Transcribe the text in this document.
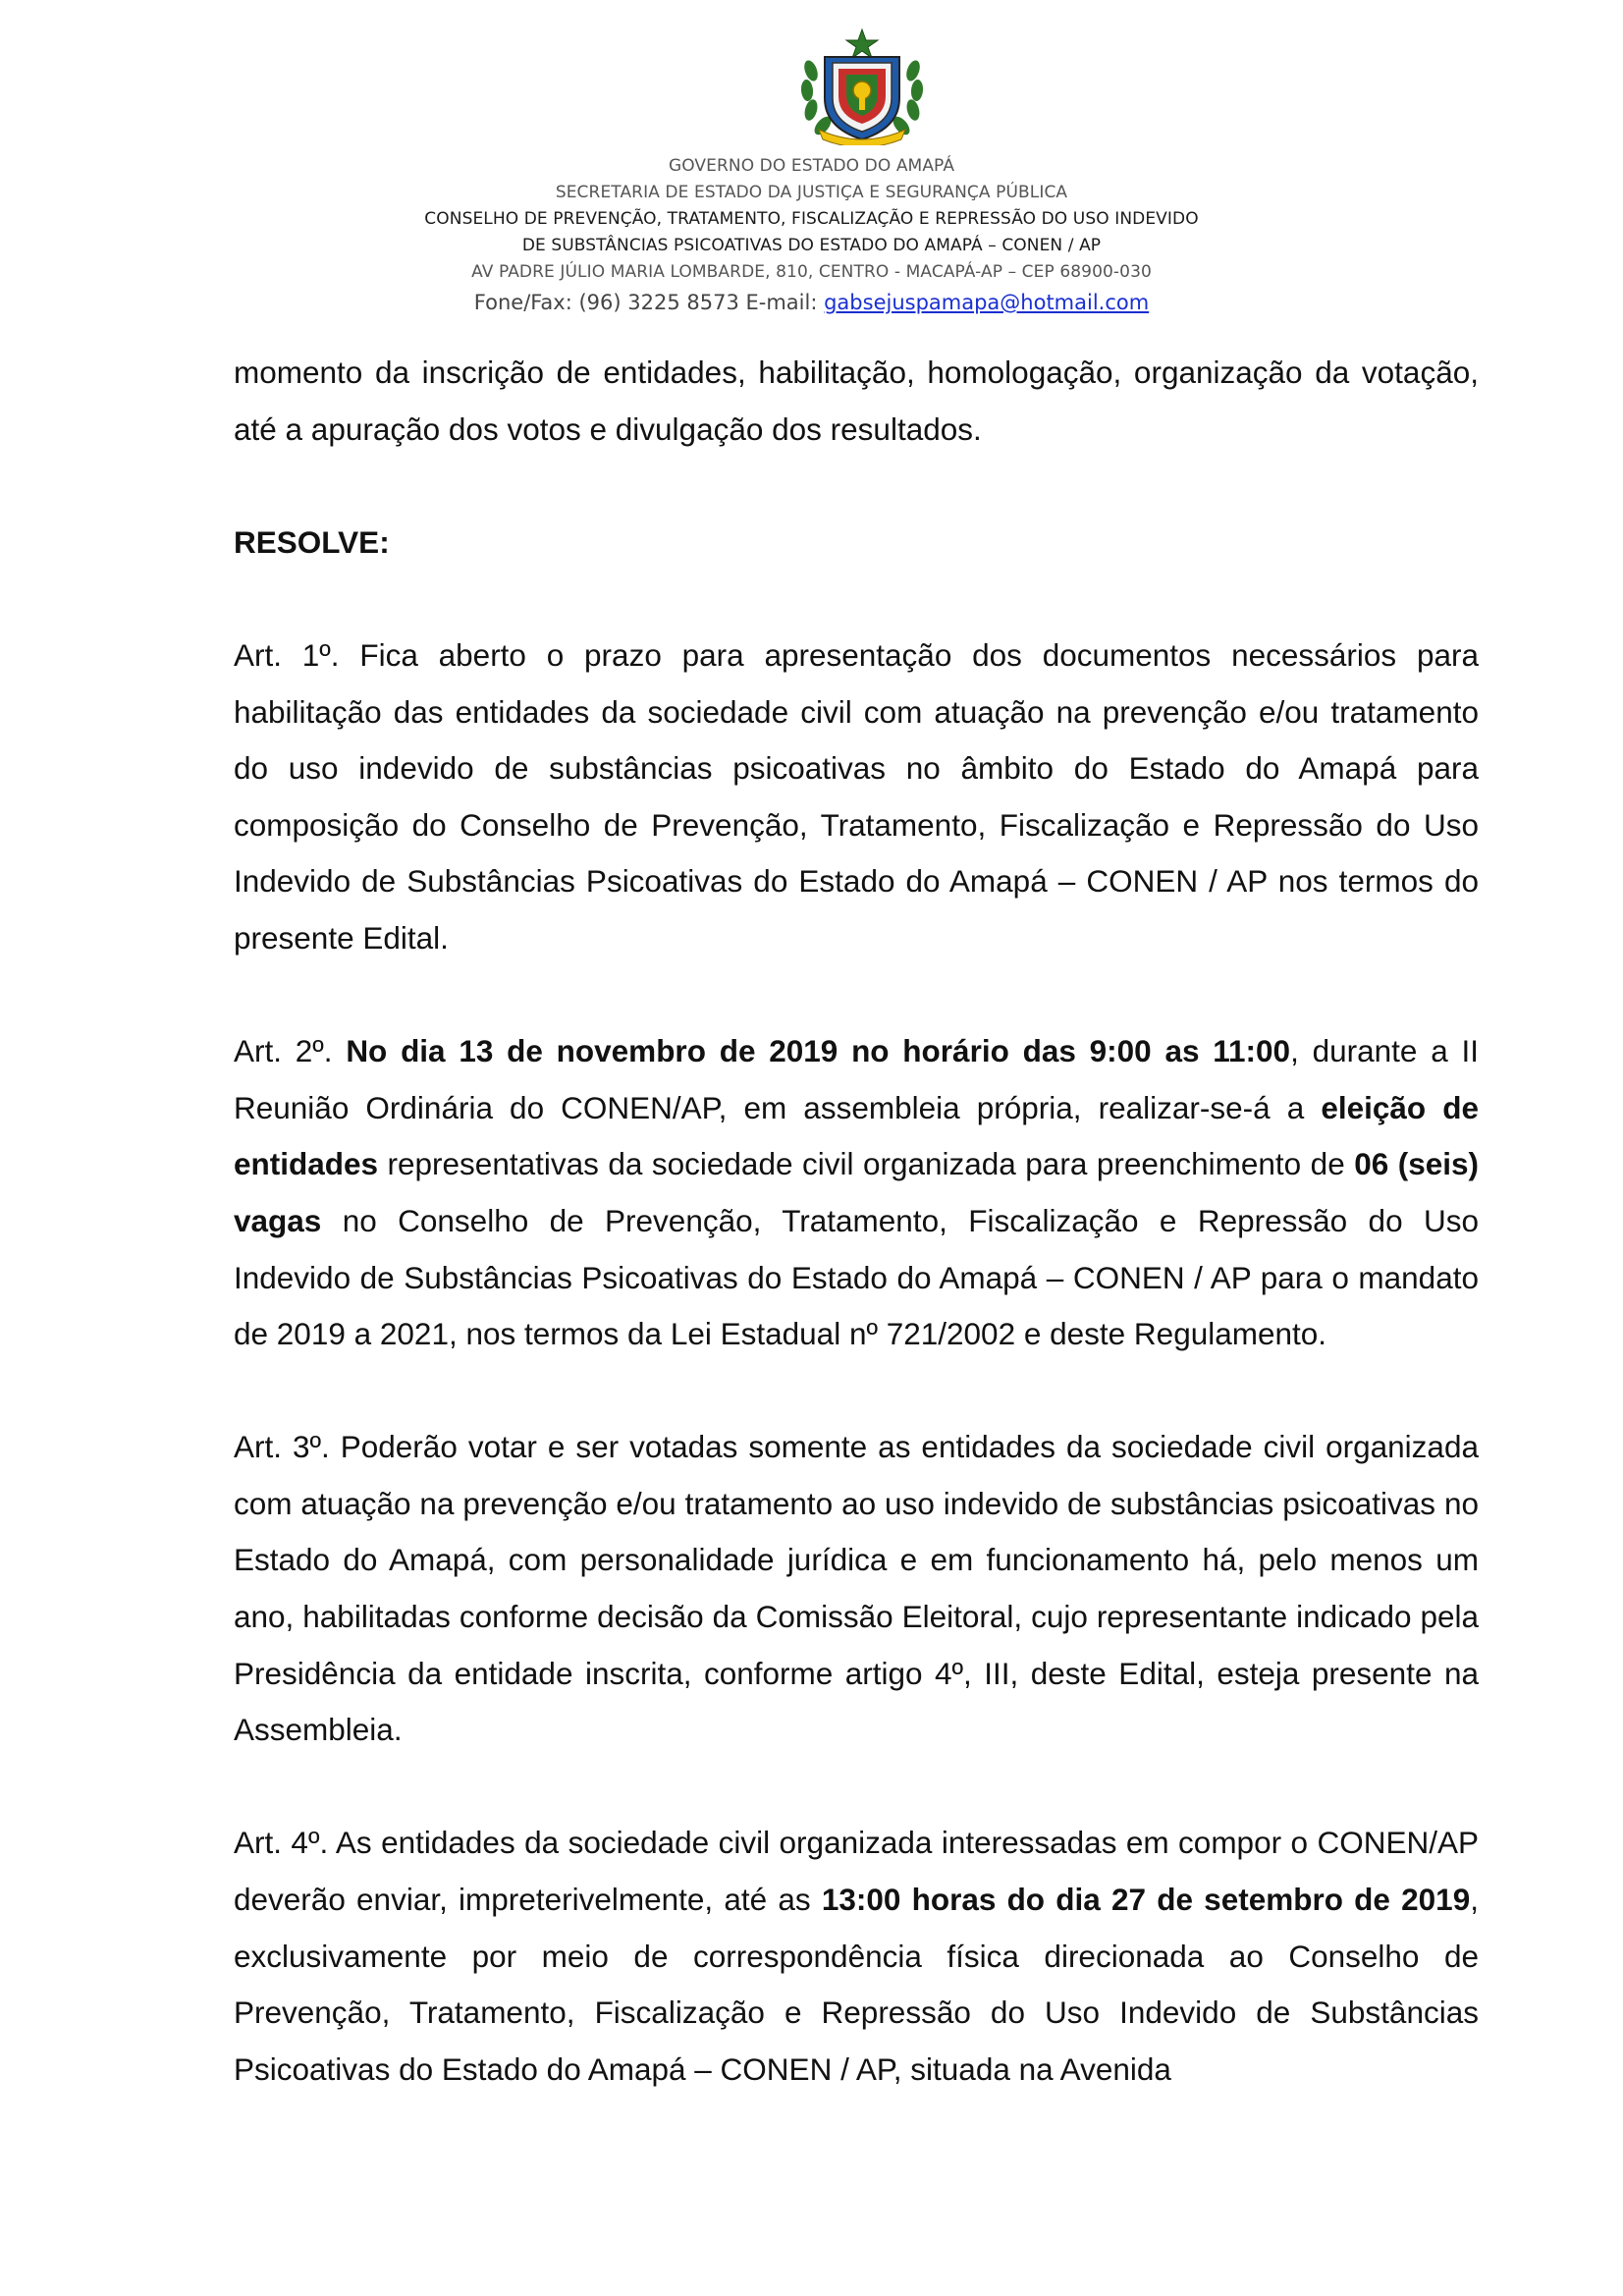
GOVERNO DO ESTADO DO AMAPÁ
SECRETARIA DE ESTADO DA JUSTIÇA E SEGURANÇA PÚBLICA
CONSELHO DE PREVENÇÃO, TRATAMENTO, FISCALIZAÇÃO E REPRESSÃO DO USO INDEVIDO
DE SUBSTÂNCIAS PSICOATIVAS DO ESTADO DO AMAPÁ – CONEN / AP
AV PADRE JÚLIO MARIA LOMBARDE, 810, CENTRO - MACAPÁ-AP – CEP 68900-030
Fone/Fax: (96) 3225 8573 E-mail: gabsejuspamapa@hotmail.com

momento da inscrição de entidades, habilitação, homologação, organização da votação, até a apuração dos votos e divulgação dos resultados.

RESOLVE:

Art. 1º. Fica aberto o prazo para apresentação dos documentos necessários para habilitação das entidades da sociedade civil com atuação na prevenção e/ou tratamento do uso indevido de substâncias psicoativas no âmbito do Estado do Amapá para composição do Conselho de Prevenção, Tratamento, Fiscalização e Repressão do Uso Indevido de Substâncias Psicoativas do Estado do Amapá – CONEN / AP nos termos do presente Edital.

Art. 2º. No dia 13 de novembro de 2019 no horário das 9:00 as 11:00, durante a II Reunião Ordinária do CONEN/AP, em assembleia própria, realizar-se-á a eleição de entidades representativas da sociedade civil organizada para preenchimento de 06 (seis) vagas no Conselho de Prevenção, Tratamento, Fiscalização e Repressão do Uso Indevido de Substâncias Psicoativas do Estado do Amapá – CONEN / AP para o mandato de 2019 a 2021, nos termos da Lei Estadual nº 721/2002 e deste Regulamento.

Art. 3º. Poderão votar e ser votadas somente as entidades da sociedade civil organizada com atuação na prevenção e/ou tratamento ao uso indevido de substâncias psicoativas no Estado do Amapá, com personalidade jurídica e em funcionamento há, pelo menos um ano, habilitadas conforme decisão da Comissão Eleitoral, cujo representante indicado pela Presidência da entidade inscrita, conforme artigo 4º, III, deste Edital, esteja presente na Assembleia.

Art. 4º. As entidades da sociedade civil organizada interessadas em compor o CONEN/AP deverão enviar, impreterivelmente, até as 13:00 horas do dia 27 de setembro de 2019, exclusivamente por meio de correspondência física direcionada ao Conselho de Prevenção, Tratamento, Fiscalização e Repressão do Uso Indevido de Substâncias Psicoativas do Estado do Amapá – CONEN / AP, situada na Avenida
